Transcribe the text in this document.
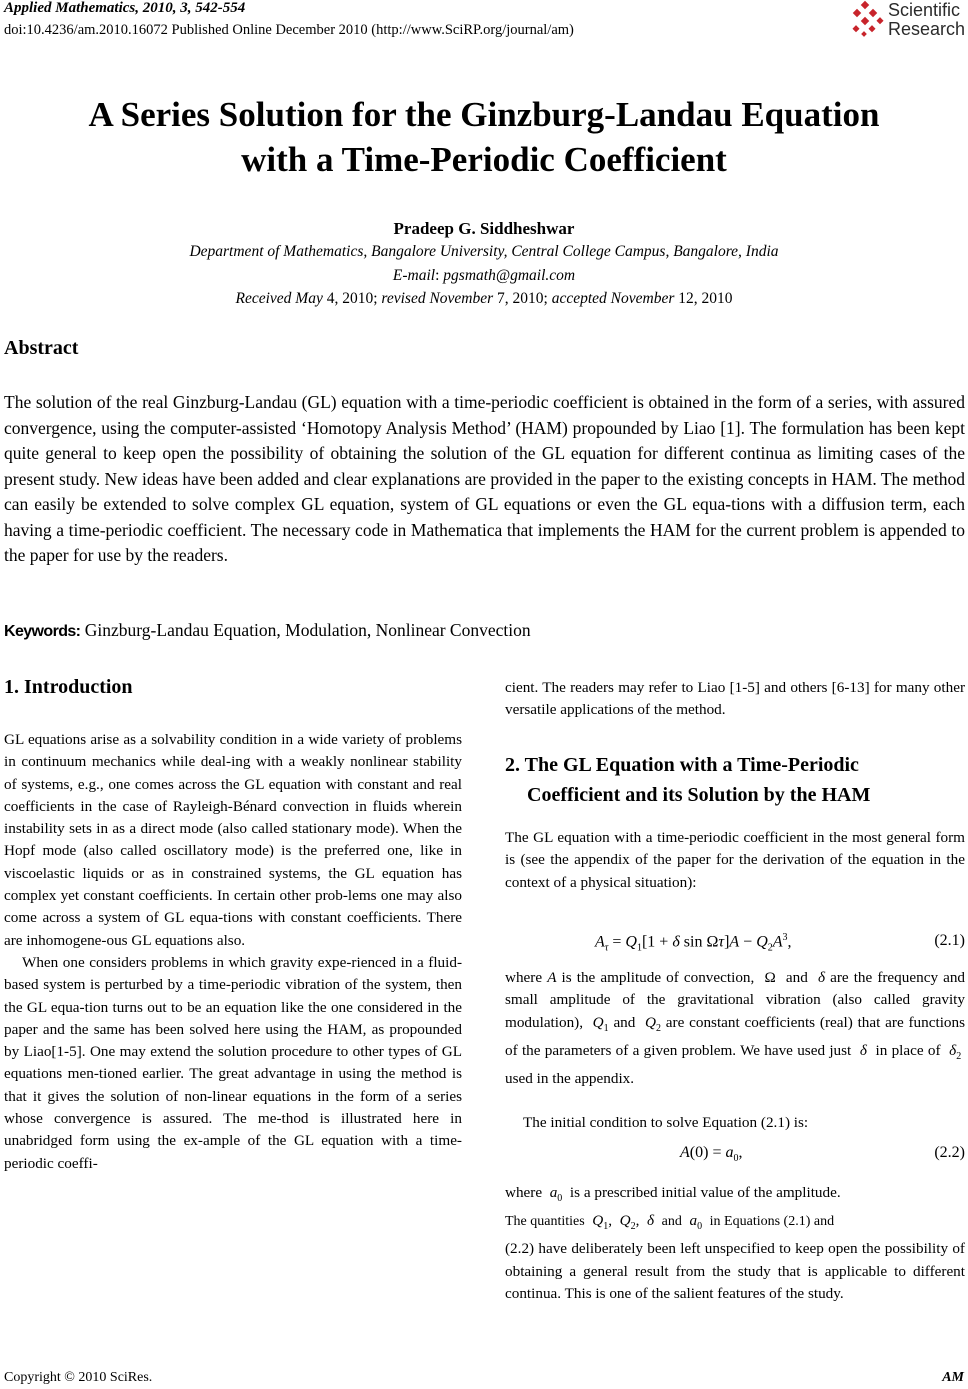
Applied Mathematics, 2010, 3, 542-554
doi:10.4236/am.2010.16072 Published Online December 2010 (http://www.SciRP.org/journal/am)
Scientific
Research
A Series Solution for the Ginzburg-Landau Equation
with a Time-Periodic Coefficient
Pradeep G. Siddheshwar
Department of Mathematics, Bangalore University, Central College Campus, Bangalore, India
E-mail: pgsmath@gmail.com
Received May 4, 2010; revised November 7, 2010; accepted November 12, 2010
Abstract
The solution of the real Ginzburg-Landau (GL) equation with a time-periodic coefficient is obtained in the form of a series, with assured convergence, using the computer-assisted ‘Homotopy Analysis Method’ (HAM) propounded by Liao [1]. The formulation has been kept quite general to keep open the possibility of obtaining the solution of the GL equation for different continua as limiting cases of the present study. New ideas have been added and clear explanations are provided in the paper to the existing concepts in HAM. The method can easily be extended to solve complex GL equation, system of GL equations or even the GL equa-tions with a diffusion term, each having a time-periodic coefficient. The necessary code in Mathematica that implements the HAM for the current problem is appended to the paper for use by the readers.
Keywords: Ginzburg-Landau Equation, Modulation, Nonlinear Convection
1. Introduction
GL equations arise as a solvability condition in a wide variety of problems in continuum mechanics while deal-ing with a weakly nonlinear stability of systems, e.g., one comes across the GL equation with constant and real coefficients in the case of Rayleigh-Bénard convection in fluids wherein instability sets in as a direct mode (also called stationary mode). When the Hopf mode (also called oscillatory mode) is the preferred one, like in viscoelastic liquids or as in constrained systems, the GL equation has complex yet constant coefficients. In certain other prob-lems one may also come across a system of GL equa-tions with constant coefficients. There are inhomogene-ous GL equations also.
When one considers problems in which gravity expe-rienced in a fluid-based system is perturbed by a time-periodic vibration of the system, then the GL equa-tion turns out to be an equation like the one considered in the paper and the same has been solved here using the HAM, as propounded by Liao[1-5]. One may extend the solution procedure to other types of GL equations men-tioned earlier. The great advantage in using the method is that it gives the solution of non-linear equations in the form of a series whose convergence is assured. The me-thod is illustrated here in unabridged form using the ex-ample of the GL equation with a time-periodic coeffi-
cient. The readers may refer to Liao [1-5] and others [6-13] for many other versatile applications of the method.
2. The GL Equation with a Time-Periodic
Coefficient and its Solution by the HAM
The GL equation with a time-periodic coefficient in the most general form is (see the appendix of the paper for the derivation of the equation in the context of a physical situation):
$A_\tau = Q_1[1 + \delta$ $\sin \Omega\tau]A - Q_2A^3$,	(2.1)
where A is the amplitude of convection,  Ω  and δ are the frequency and small amplitude of the gravitational vibration (also called gravity modulation), $Q_1$ and $Q_2$ are constant coefficients (real) that are functions of the parameters of a given problem. We have used just δ in place of $\delta_2$  used in the appendix.
The initial condition to solve Equation (2.1) is:
$A(0) = a_0$,	(2.2)
where $a_0$ is a prescribed initial value of the amplitude.
The quantities $Q_1$,  $Q_2$,  δ and $a_0$ in Equations (2.1) and
(2.2) have deliberately been left unspecified to keep open the possibility of obtaining a general result from the study that is applicable to different continua. This is one of the salient features of the study.
Copyright © 2010 SciRes.	AM
